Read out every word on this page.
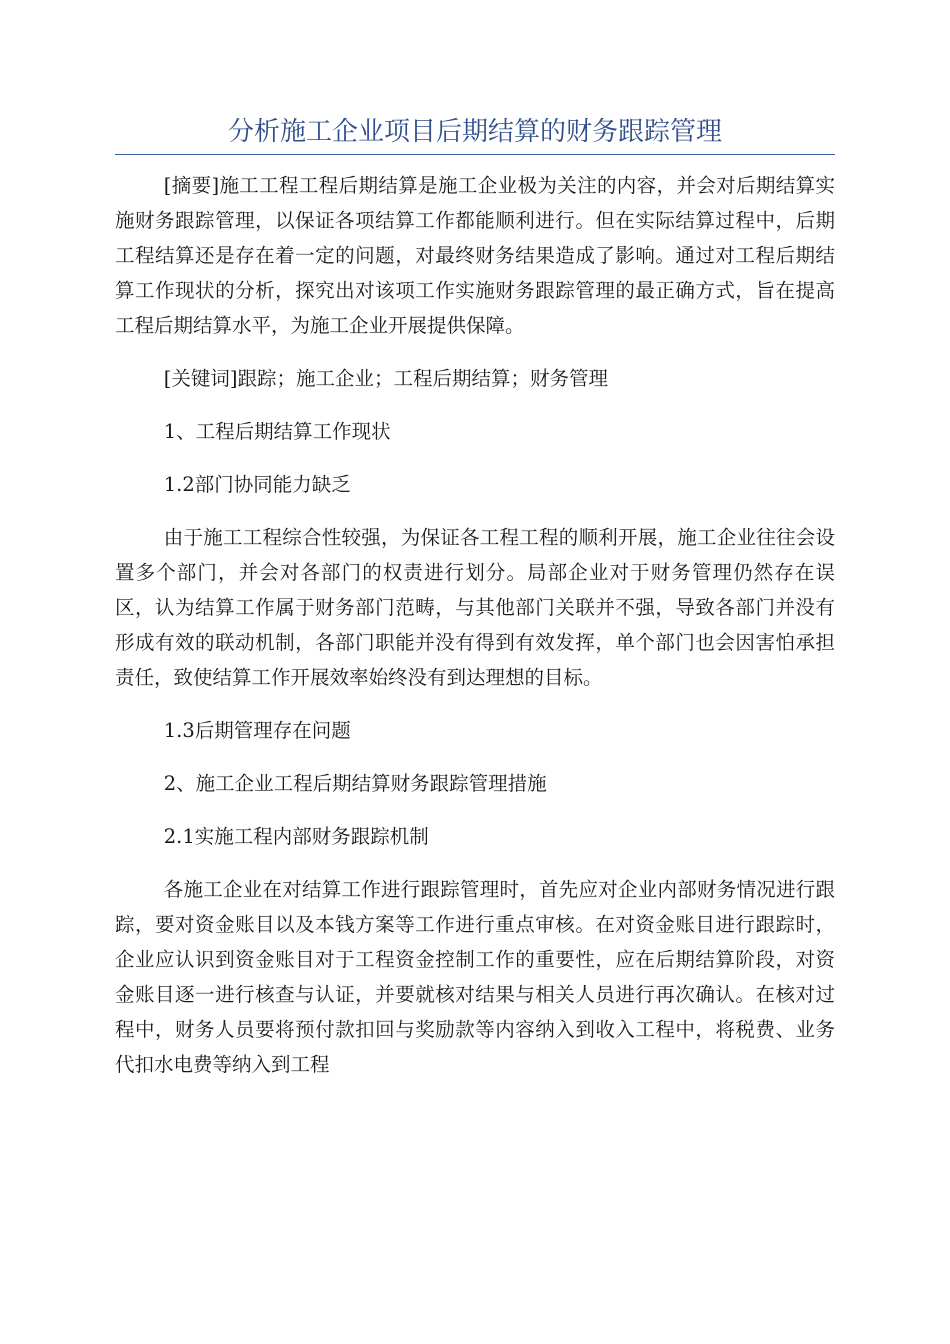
分析施工企业项目后期结算的财务跟踪管理

[摘要]施工工程工程后期结算是施工企业极为关注的内容，并会对后期结算实施财务跟踪管理，以保证各项结算工作都能顺利进行。但在实际结算过程中，后期工程结算还是存在着一定的问题，对最终财务结果造成了影响。通过对工程后期结算工作现状的分析，探究出对该项工作实施财务跟踪管理的最正确方式，旨在提高工程后期结算水平，为施工企业开展提供保障。

[关键词]跟踪；施工企业；工程后期结算；财务管理

1、工程后期结算工作现状

1.2部门协同能力缺乏

由于施工工程综合性较强，为保证各工程工程的顺利开展，施工企业往往会设置多个部门，并会对各部门的权责进行划分。局部企业对于财务管理仍然存在误区，认为结算工作属于财务部门范畴，与其他部门关联并不强，导致各部门并没有形成有效的联动机制，各部门职能并没有得到有效发挥，单个部门也会因害怕承担责任，致使结算工作开展效率始终没有到达理想的目标。

1.3后期管理存在问题

2、施工企业工程后期结算财务跟踪管理措施

2.1实施工程内部财务跟踪机制

各施工企业在对结算工作进行跟踪管理时，首先应对企业内部财务情况进行跟踪，要对资金账目以及本钱方案等工作进行重点审核。在对资金账目进行跟踪时，企业应认识到资金账目对于工程资金控制工作的重要性，应在后期结算阶段，对资金账目逐一进行核查与认证，并要就核对结果与相关人员进行再次确认。在核对过程中，财务人员要将预付款扣回与奖励款等内容纳入到收入工程中，将税费、业务代扣水电费等纳入到工程
